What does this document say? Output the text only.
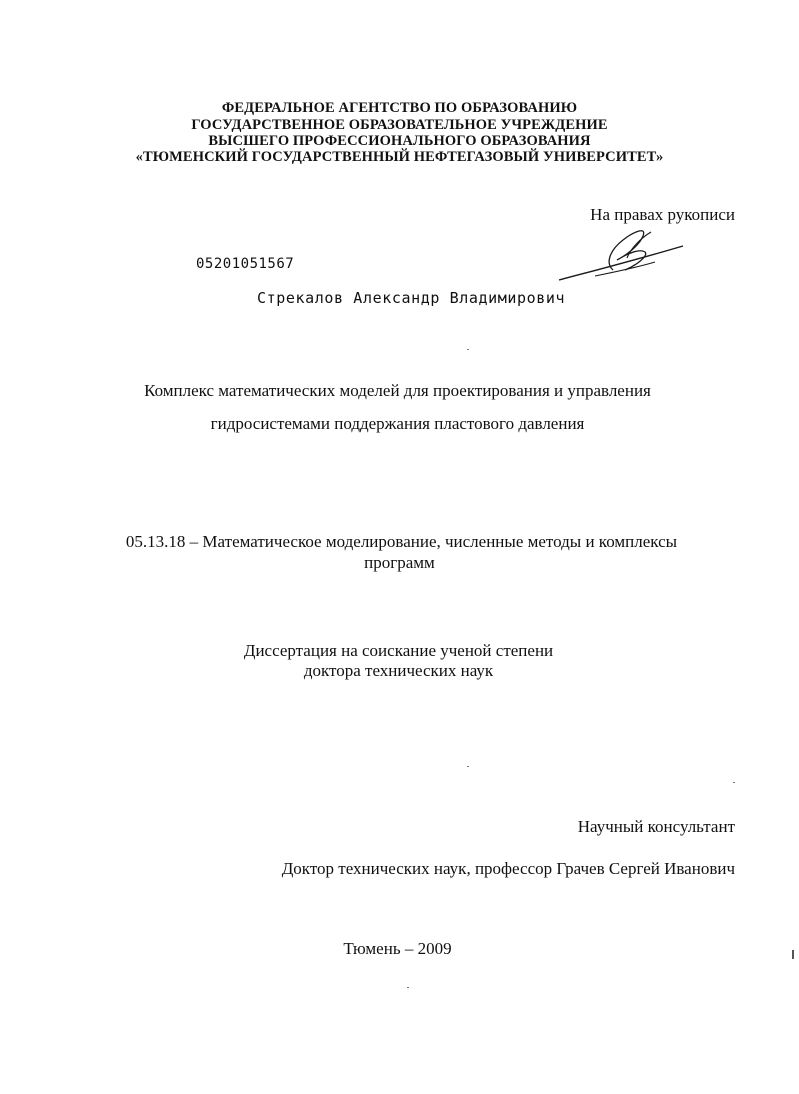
ФЕДЕРАЛЬНОЕ АГЕНТСТВО ПО ОБРАЗОВАНИЮ
ГОСУДАРСТВЕННОЕ ОБРАЗОВАТЕЛЬНОЕ УЧРЕЖДЕНИЕ
ВЫСШЕГО ПРОФЕССИОНАЛЬНОГО ОБРАЗОВАНИЯ
«ТЮМЕНСКИЙ ГОСУДАРСТВЕННЫЙ НЕФТЕГАЗОВЫЙ УНИВЕРСИТЕТ»
На правах рукописи
05201051567
Стрекалов Александр Владимирович
Комплекс математических моделей для проектирования и управления
гидросистемами поддержания пластового давления
05.13.18 – Математическое моделирование, численные методы и комплексы
программ
Диссертация на соискание ученой степени
доктора технических наук
Научный консультант
Доктор технических наук, профессор Грачев Сергей Иванович
Тюмень – 2009
